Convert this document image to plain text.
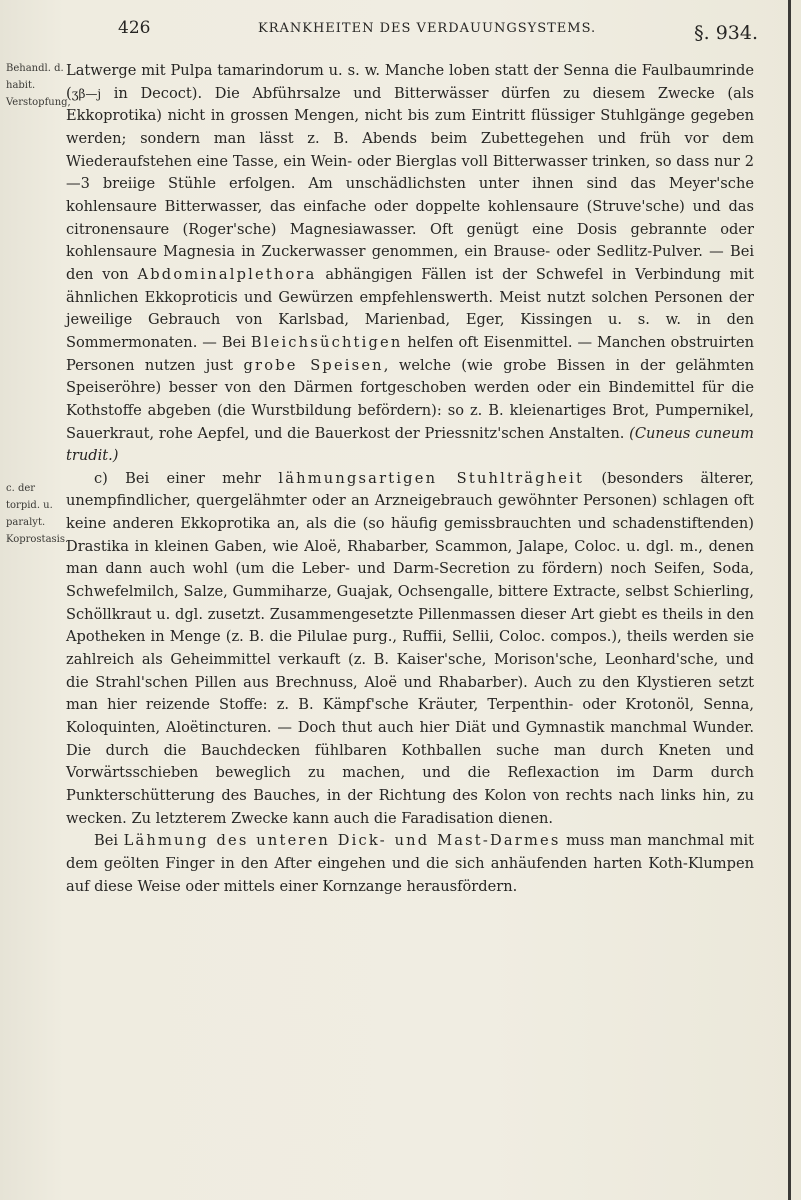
426	KRANKHEITEN DES VERDAUUNGSYSTEMS.	§. 934.
Behandl. d. habit. Verstopfung,
c. der torpid. u. paralyt. Koprostasis.

Latwerge mit Pulpa tamarindorum u. s. w. Manche loben statt der Senna die Faulbaumrinde (ʒβ—j in Decoct). Die Abführsalze und Bitterwässer dürfen zu diesem Zwecke (als Ekkoprotika) nicht in grossen Mengen, nicht bis zum Eintritt flüssiger Stuhlgänge gegeben werden; sondern man lässt z. B. Abends beim Zubettegehen und früh vor dem Wiederaufstehen eine Tasse, ein Wein- oder Bierglas voll Bitterwasser trinken, so dass nur 2—3 breiige Stühle erfolgen. Am unschädlichsten unter ihnen sind das Meyer'sche kohlensaure Bitterwasser, das einfache oder doppelte kohlensaure (Struve'sche) und das citronensaure (Roger'sche) Magnesiawasser. Oft genügt eine Dosis gebrannte oder kohlensaure Magnesia in Zuckerwasser genommen, ein Brause- oder Sedlitz-Pulver. — Bei den von Abdominalplethora abhängigen Fällen ist der Schwefel in Verbindung mit ähnlichen Ekkoproticis und Gewürzen empfehlenswerth. Meist nutzt solchen Personen der jeweilige Gebrauch von Karlsbad, Marienbad, Eger, Kissingen u. s. w. in den Sommermonaten. — Bei Bleichsüchtigen helfen oft Eisenmittel. — Manchen obstruirten Personen nutzen just grobe Speisen, welche (wie grobe Bissen in der gelähmten Speiseröhre) besser von den Därmen fortgeschoben werden oder ein Bindemittel für die Kothstoffe abgeben (die Wurstbildung befördern): so z. B. kleienartiges Brot, Pumpernikel, Sauerkraut, rohe Aepfel, und die Bauerkost der Priessnitz'schen Anstalten. (Cuneus cuneum trudit.)

c) Bei einer mehr lähmungsartigen Stuhlträgheit (besonders älterer, unempfindlicher, quergelähmter oder an Arzneigebrauch gewöhnter Personen) schlagen oft keine anderen Ekkoprotika an, als die (so häufig gemissbrauchten und schadenstiftenden) Drastika in kleinen Gaben, wie Aloë, Rhabarber, Scammon, Jalape, Coloc. u. dgl. m., denen man dann auch wohl (um die Leber- und Darm-Secretion zu fördern) noch Seifen, Soda, Schwefelmilch, Salze, Gummiharze, Guajak, Ochsengalle, bittere Extracte, selbst Schierling, Schöllkraut u. dgl. zusetzt. Zusammengesetzte Pillenmassen dieser Art giebt es theils in den Apotheken in Menge (z. B. die Pilulae purg., Ruffii, Sellii, Coloc. compos.), theils werden sie zahlreich als Geheimmittel verkauft (z. B. Kaiser'sche, Morison'sche, Leonhard'sche, und die Strahl'schen Pillen aus Brechnuss, Aloë und Rhabarber). Auch zu den Klystieren setzt man hier reizende Stoffe: z. B. Kämpf'sche Kräuter, Terpenthin- oder Krotonöl, Senna, Koloquinten, Aloëtincturen. — Doch thut auch hier Diät und Gymnastik manchmal Wunder. Die durch die Bauchdecken fühlbaren Kothballen suche man durch Kneten und Vorwärtsschieben beweglich zu machen, und die Reflexaction im Darm durch Punkterschütterung des Bauches, in der Richtung des Kolon von rechts nach links hin, zu wecken. Zu letzterem Zwecke kann auch die Faradisation dienen.

Bei Lähmung des unteren Dick- und Mast-Darmes muss man manchmal mit dem geölten Finger in den After eingehen und die sich anhäufenden harten Koth-Klumpen auf diese Weise oder mittels einer Kornzange herausfördern.
